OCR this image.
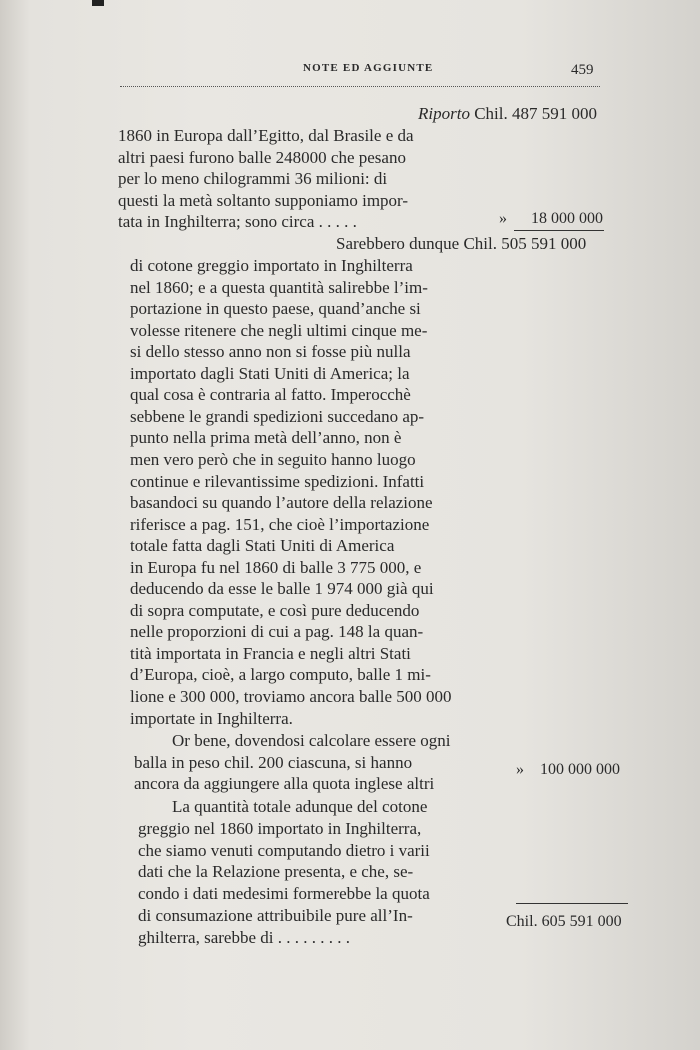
NOTE ED AGGIUNTE	459
Riporto Chil. 487 591 000
1860 in Europa dall’Egitto, dal Brasile e da
altri paesi furono balle 248000 che pesano
per lo meno chilogrammi 36 milioni: di
questi la metà soltanto supponiamo impor-
tata in Inghilterra; sono circa . . . . .	» 18 000 000
Sarebbero dunque Chil. 505 591 000
di cotone greggio importato in Inghilterra
nel 1860; e a questa quantità salirebbe l’im-
portazione in questo paese, quand’anche si
volesse ritenere che negli ultimi cinque me-
si dello stesso anno non si fosse più nulla
importato dagli Stati Uniti di America; la
qual cosa è contraria al fatto. Imperocchè
sebbene le grandi spedizioni succedano ap-
punto nella prima metà dell’anno, non è
men vero però che in seguito hanno luogo
continue e rilevantissime spedizioni. Infatti
basandoci su quando l’autore della relazione
riferisce a pag. 151, che cioè l’importazione
totale fatta dagli Stati Uniti di America
in Europa fu nel 1860 di balle 3 775 000, e
deducendo da esse le balle 1 974 000 già qui
di sopra computate, e così pure deducendo
nelle proporzioni di cui a pag. 148 la quan-
tità importata in Francia e negli altri Stati
d’Europa, cioè, a largo computo, balle 1 mi-
lione e 300 000, troviamo ancora balle 500 000
importate in Inghilterra.
Or bene, dovendosi calcolare essere ogni
balla in peso chil. 200 ciascuna, si hanno
ancora da aggiungere alla quota inglese altri
» 100 000 000
La quantità totale adunque del cotone
greggio nel 1860 importato in Inghilterra,
che siamo venuti computando dietro i varii
dati che la Relazione presenta, e che, se-
condo i dati medesimi formerebbe la quota
di consumazione attribuibile pure all’In-
ghilterra, sarebbe di . . . . . . . . .
Chil. 605 591 000
